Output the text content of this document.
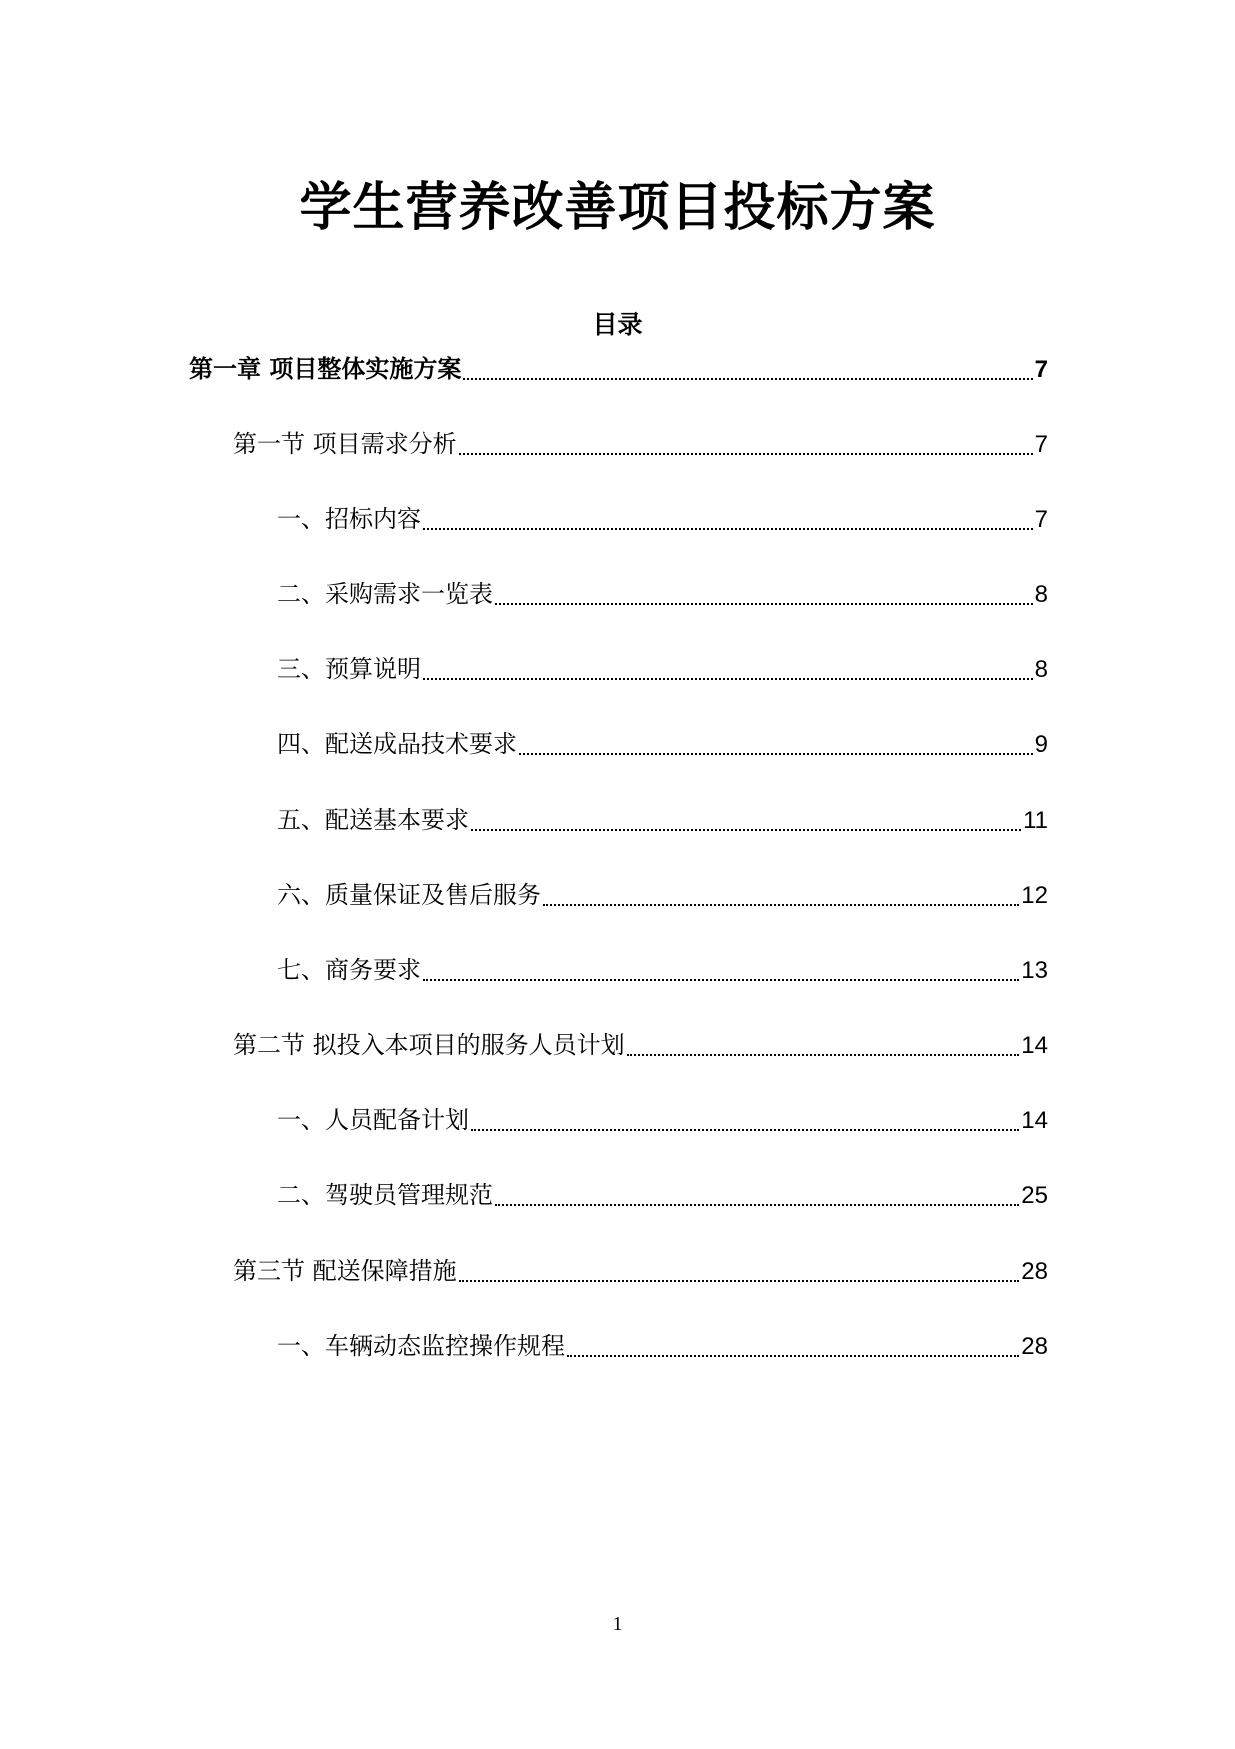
学生营养改善项目投标方案
目录
第一章 项目整体实施方案	7
第一节 项目需求分析	7
一、招标内容	7
二、采购需求一览表	8
三、预算说明	8
四、配送成品技术要求	9
五、配送基本要求	11
六、质量保证及售后服务	12
七、商务要求	13
第二节 拟投入本项目的服务人员计划	14
一、人员配备计划	14
二、驾驶员管理规范	25
第三节 配送保障措施	28
一、车辆动态监控操作规程	28
1
